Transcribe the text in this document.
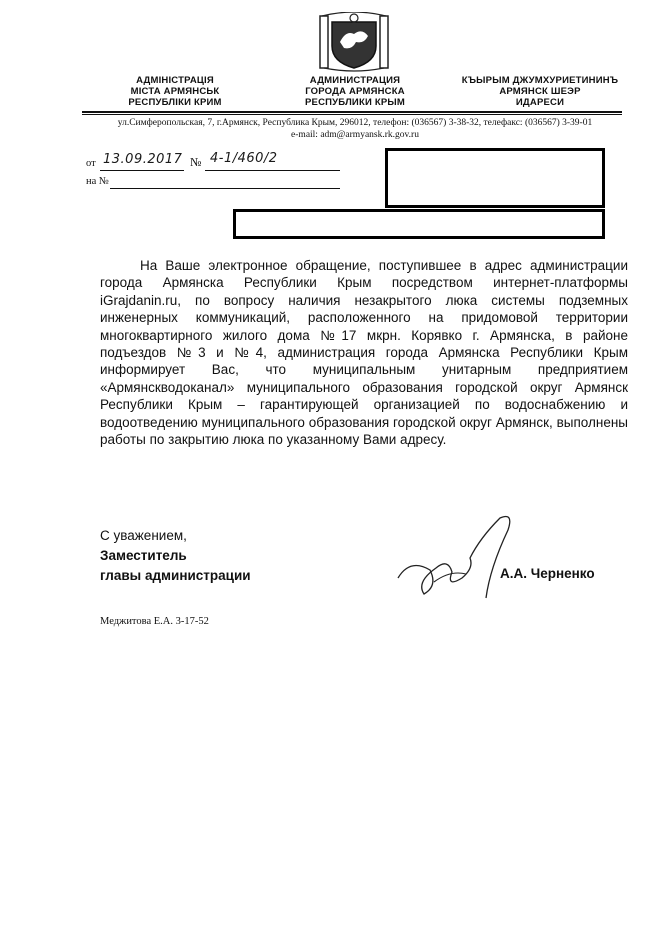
АДМІНІСТРАЦІЯ
МІСТА АРМЯНСЬК
РЕСПУБЛІКИ КРИМ
АДМИНИСТРАЦИЯ
ГОРОДА АРМЯНСКА
РЕСПУБЛИКИ КРЫМ
КЪЫРЫМ ДЖУМХУРИЕТИНИНЪ
АРМЯНСК ШЕЭР
ИДАРЕСИ
ул.Симферопольская, 7, г.Армянск, Республика Крым, 296012, телефон: (036567) 3-38-32, телефакс: (036567) 3-39-01
e-mail: adm@armyansk.rk.gov.ru
от 13.09.2017 № 4-1/460/2
на №

На Ваше электронное обращение, поступившее в адрес администрации города Армянска Республики Крым посредством интернет-платформы iGrajdanin.ru, по вопросу наличия незакрытого люка системы подземных инженерных коммуникаций, расположенного на придомовой территории многоквартирного жилого дома №17 мкрн. Корявко г. Армянска, в районе подъездов №3 и №4, администрация города Армянска Республики Крым информирует Вас, что муниципальным унитарным предприятием «Армянскводоканал» муниципального образования городской округ Армянск Республики Крым – гарантирующей организацией по водоснабжению и водоотведению муниципального образования городской округ Армянск, выполнены работы по закрытию люка по указанному Вами адресу.

С уважением,
Заместитель
главы администрации	А.А. Черненко
Меджитова Е.А. 3-17-52
